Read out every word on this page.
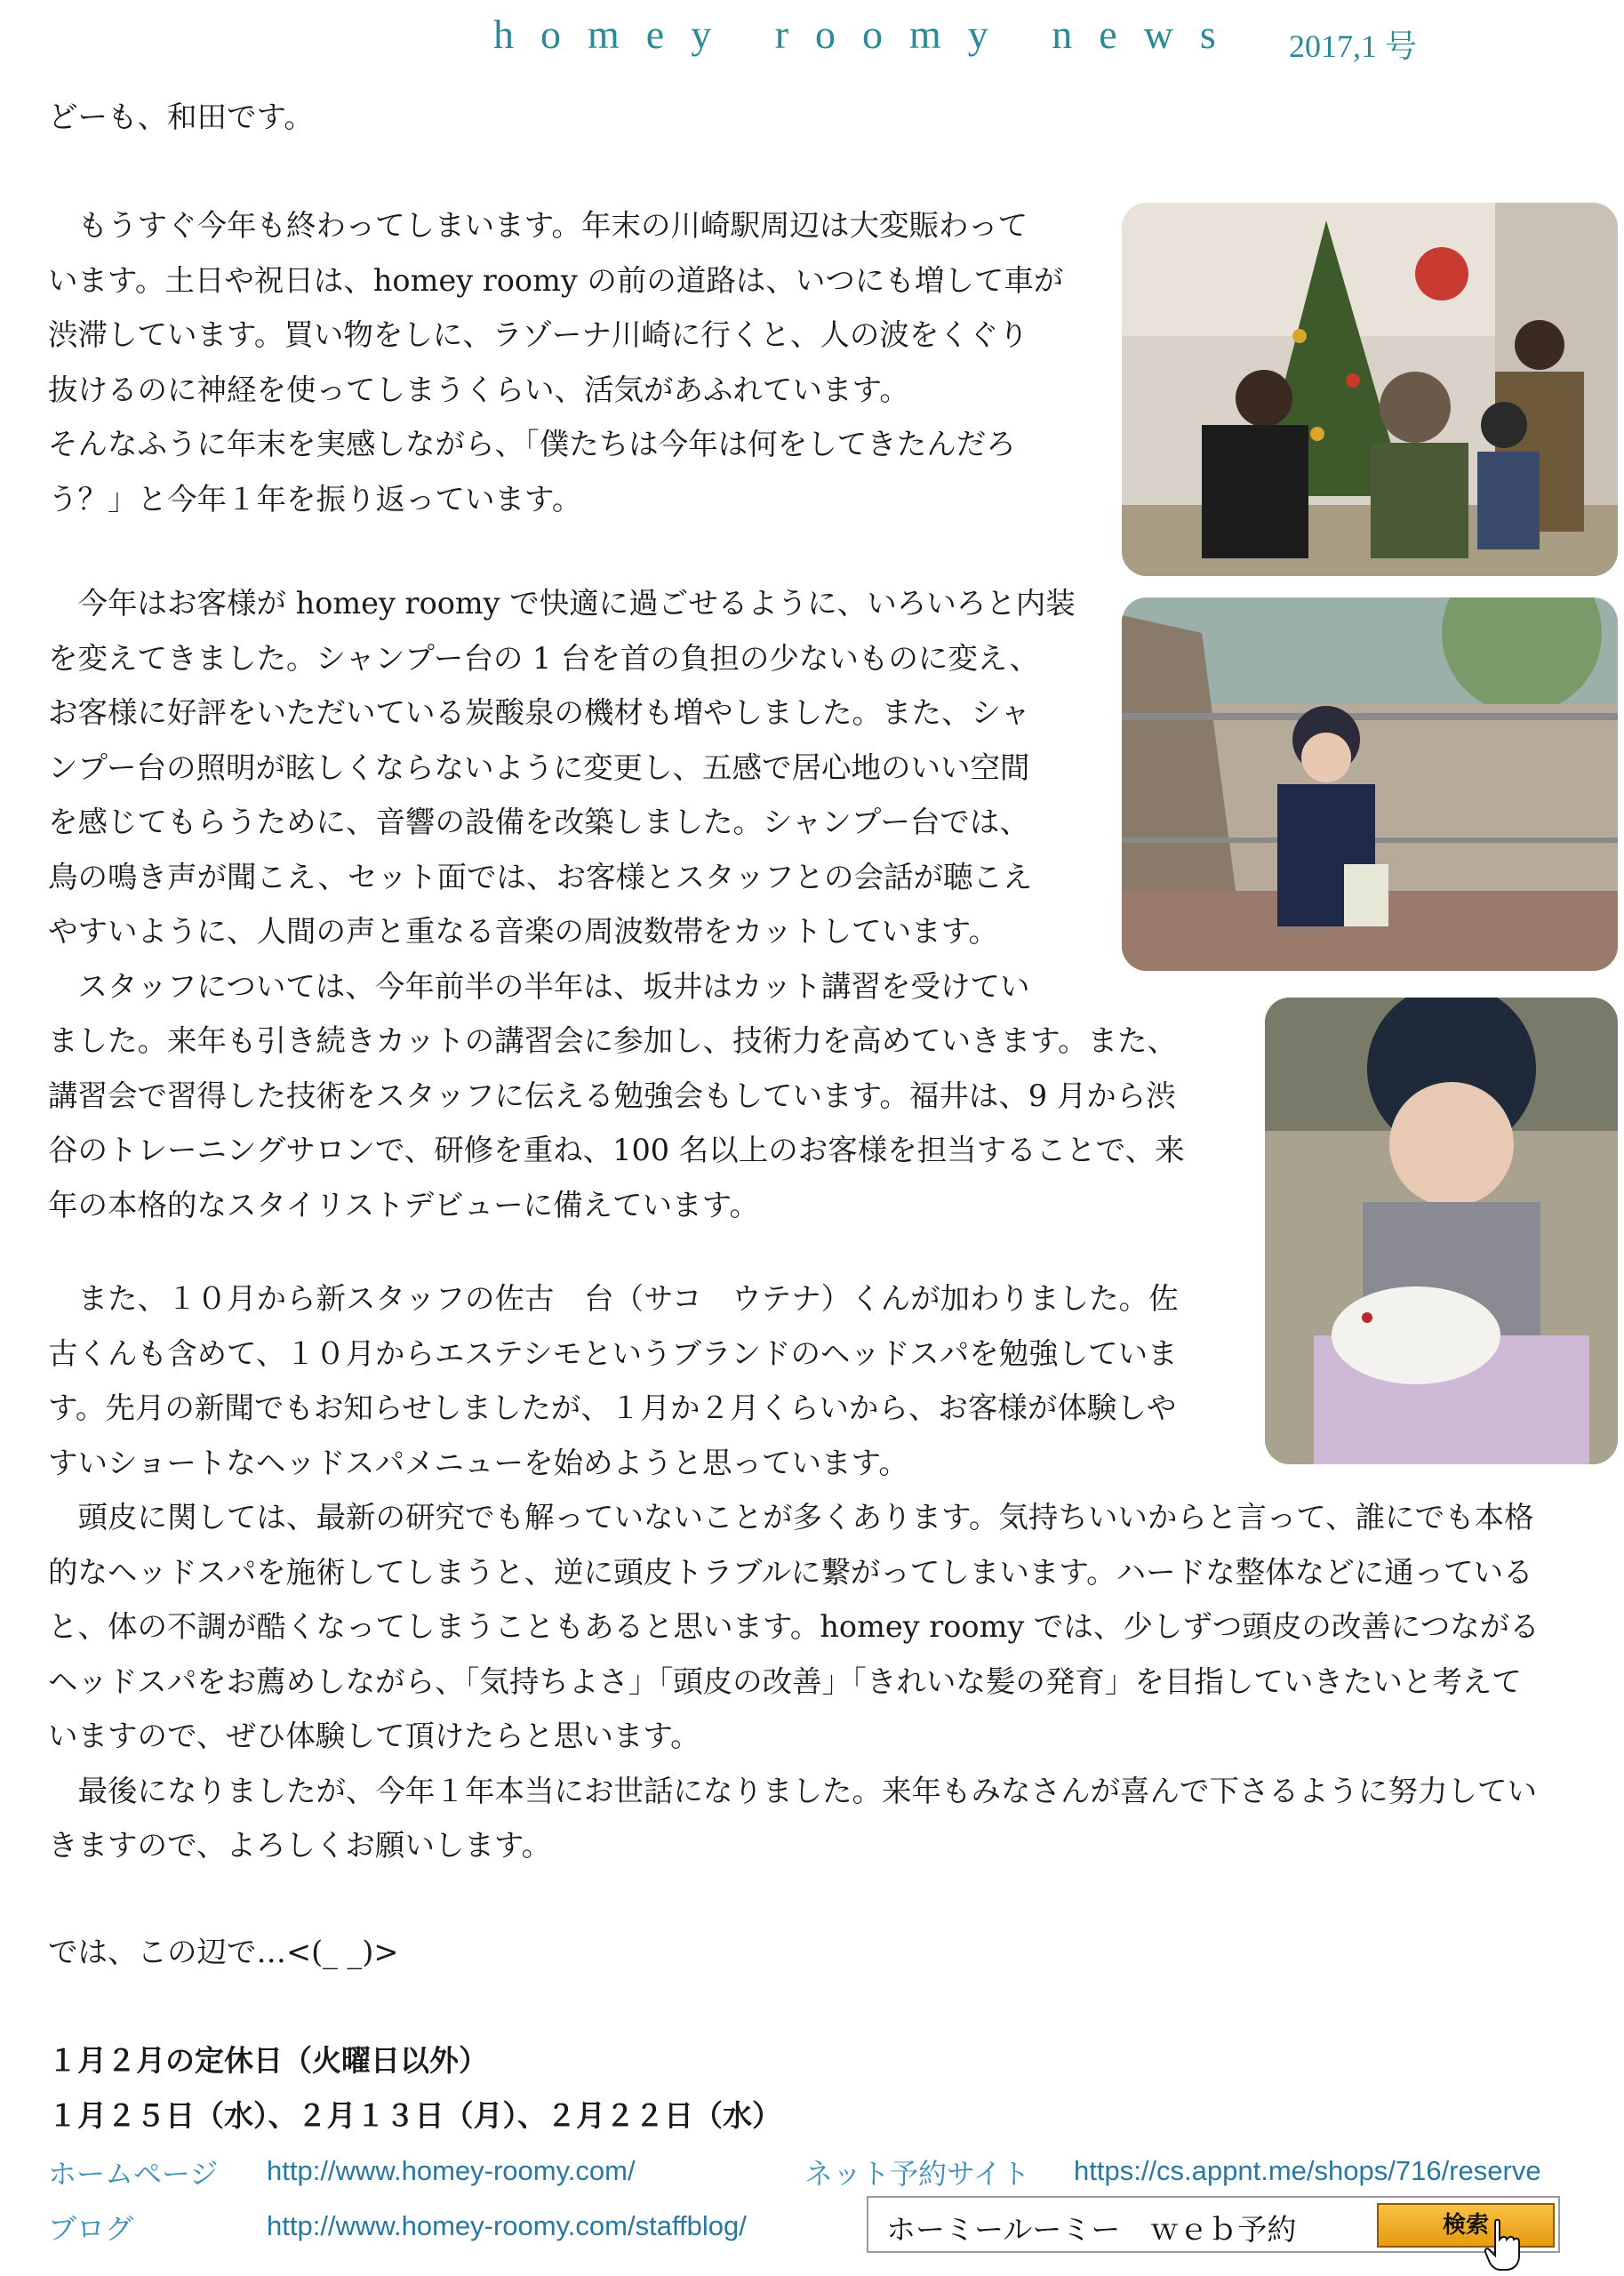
homey roomy news 2017,1 号
どーも、和田です。
　もうすぐ今年も終わってしまいます。年末の川崎駅周辺は大変賑わって
います。土日や祝日は、homey roomy の前の道路は、いつにも増して車が
渋滞しています。買い物をしに、ラゾーナ川崎に行くと、人の波をくぐり
抜けるのに神経を使ってしまうくらい、活気があふれています。
そんなふうに年末を実感しながら、「僕たちは今年は何をしてきたんだろ
う？」と今年１年を振り返っています。
　今年はお客様が homey roomy で快適に過ごせるように、いろいろと内装
を変えてきました。シャンプー台の 1 台を首の負担の少ないものに変え、
お客様に好評をいただいている炭酸泉の機材も増やしました。また、シャ
ンプー台の照明が眩しくならないように変更し、五感で居心地のいい空間
を感じてもらうために、音響の設備を改築しました。シャンプー台では、
鳥の鳴き声が聞こえ、セット面では、お客様とスタッフとの会話が聴こえ
やすいように、人間の声と重なる音楽の周波数帯をカットしています。
　スタッフについては、今年前半の半年は、坂井はカット講習を受けてい
ました。来年も引き続きカットの講習会に参加し、技術力を高めていきます。また、
講習会で習得した技術をスタッフに伝える勉強会もしています。福井は、9 月から渋
谷のトレーニングサロンで、研修を重ね、100 名以上のお客様を担当することで、来
年の本格的なスタイリストデビューに備えています。
　また、１０月から新スタッフの佐古　台（サコ　ウテナ）くんが加わりました。佐
古くんも含めて、１０月からエステシモというブランドのヘッドスパを勉強していま
す。先月の新聞でもお知らせしましたが、１月か２月くらいから、お客様が体験しや
すいショートなヘッドスパメニューを始めようと思っています。
　頭皮に関しては、最新の研究でも解っていないことが多くあります。気持ちいいからと言って、誰にでも本格
的なヘッドスパを施術してしまうと、逆に頭皮トラブルに繋がってしまいます。ハードな整体などに通っている
と、体の不調が酷くなってしまうこともあると思います。homey roomy では、少しずつ頭皮の改善につながる
ヘッドスパをお薦めしながら、「気持ちよさ」「頭皮の改善」「きれいな髪の発育」を目指していきたいと考えて
いますので、ぜひ体験して頂けたらと思います。
　最後になりましたが、今年１年本当にお世話になりました。来年もみなさんが喜んで下さるように努力してい
きますので、よろしくお願いします。
では、この辺で…<(_ _)>
１月２月の定休日（火曜日以外）
１月２５日（水）、２月１３日（月）、２月２２日（水）
ホームページ http://www.homey-roomy.com/	ネット予約サイト https://cs.appnt.me/shops/716/reserve
ブログ	http://www.homey-roomy.com/staffblog/	ホーミールーミー　ｗｅｂ予約	検索
